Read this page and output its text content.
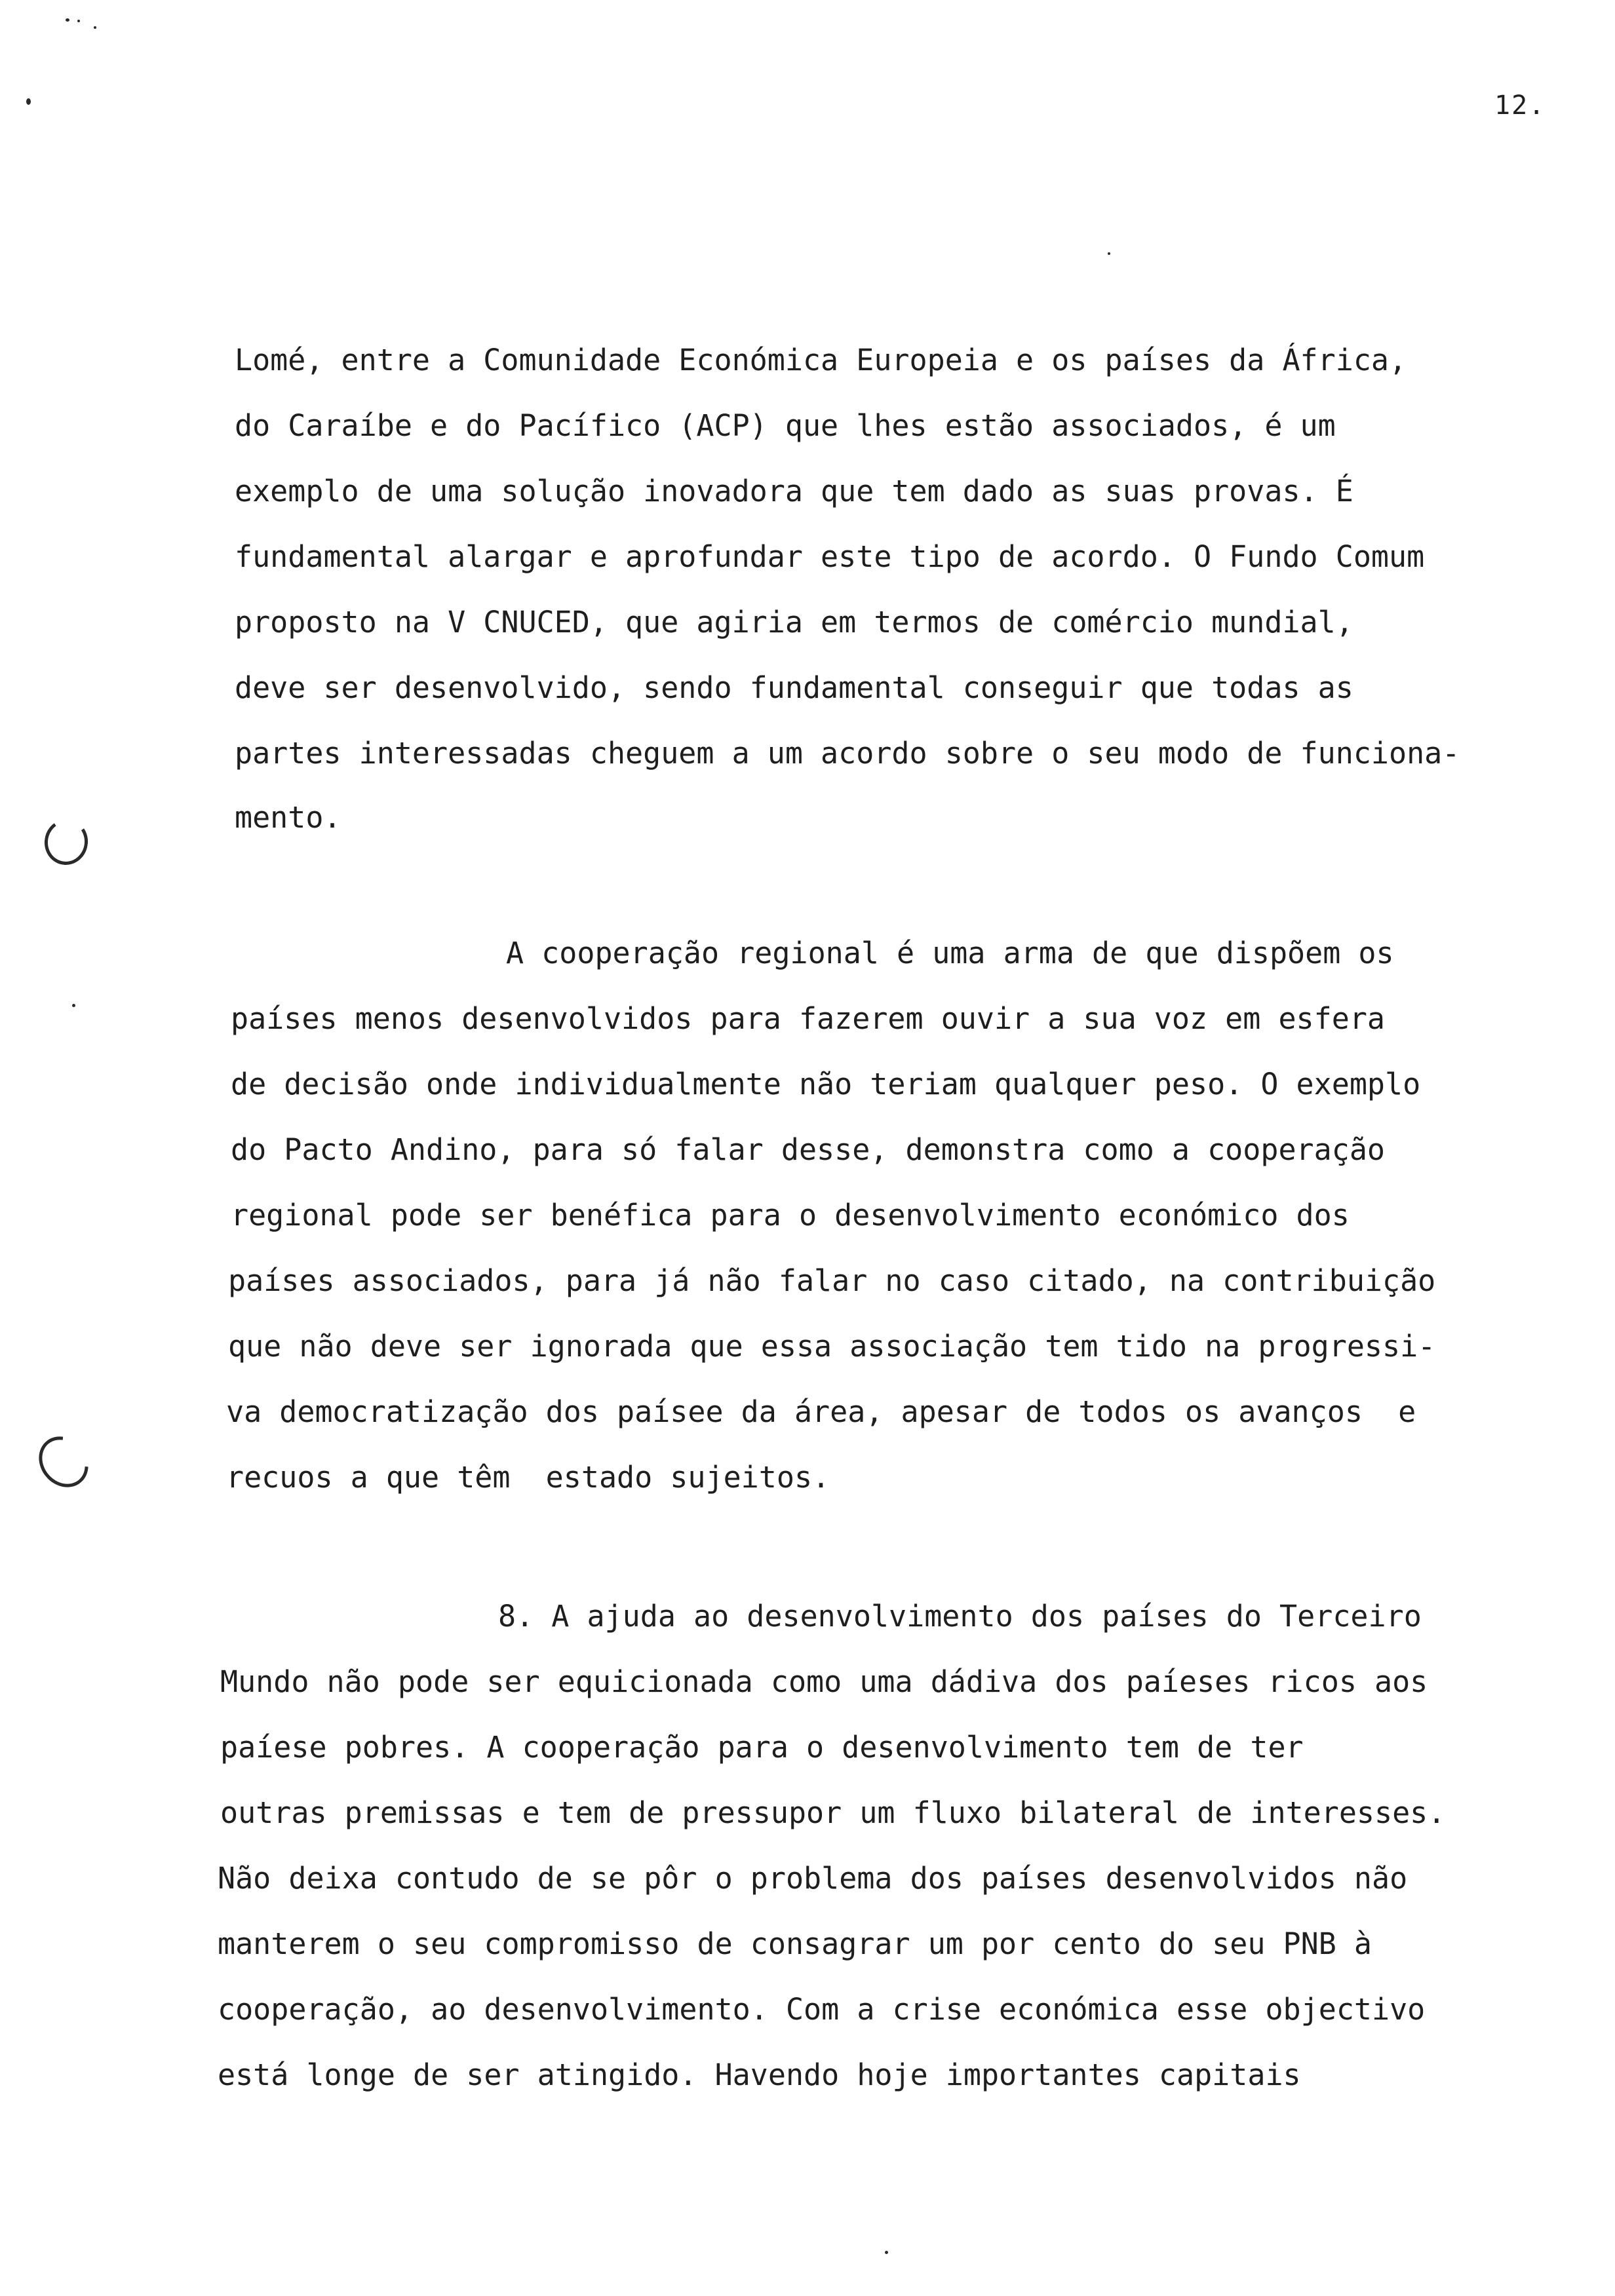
12.
Lomé, entre a Comunidade Económica Europeia e os países da África,
do Caraíbe e do Pacífico (ACP) que lhes estão associados, é um
exemplo de uma solução inovadora que tem dado as suas provas. É
fundamental alargar e aprofundar este tipo de acordo. O Fundo Comum
proposto na V CNUCED, que agiria em termos de comércio mundial,
deve ser desenvolvido, sendo fundamental conseguir que todas as
partes interessadas cheguem a um acordo sobre o seu modo de funciona-
mento.
A cooperação regional é uma arma de que dispõem os
países menos desenvolvidos para fazerem ouvir a sua voz em esfera
de decisão onde individualmente não teriam qualquer peso. O exemplo
do Pacto Andino, para só falar desse, demonstra como a cooperação
regional pode ser benéfica para o desenvolvimento económico dos
países associados, para já não falar no caso citado, na contribuição
que não deve ser ignorada que essa associação tem tido na progressi-
va democratização dos paísee da área, apesar de todos os avanços  e
recuos a que têm  estado sujeitos.
8. A ajuda ao desenvolvimento dos países do Terceiro
Mundo não pode ser equicionada como uma dádiva dos paíeses ricos aos
paíese pobres. A cooperação para o desenvolvimento tem de ter
outras premissas e tem de pressupor um fluxo bilateral de interesses.
Não deixa contudo de se pôr o problema dos países desenvolvidos não
manterem o seu compromisso de consagrar um por cento do seu PNB à
cooperação, ao desenvolvimento. Com a crise económica esse objectivo
está longe de ser atingido. Havendo hoje importantes capitais
